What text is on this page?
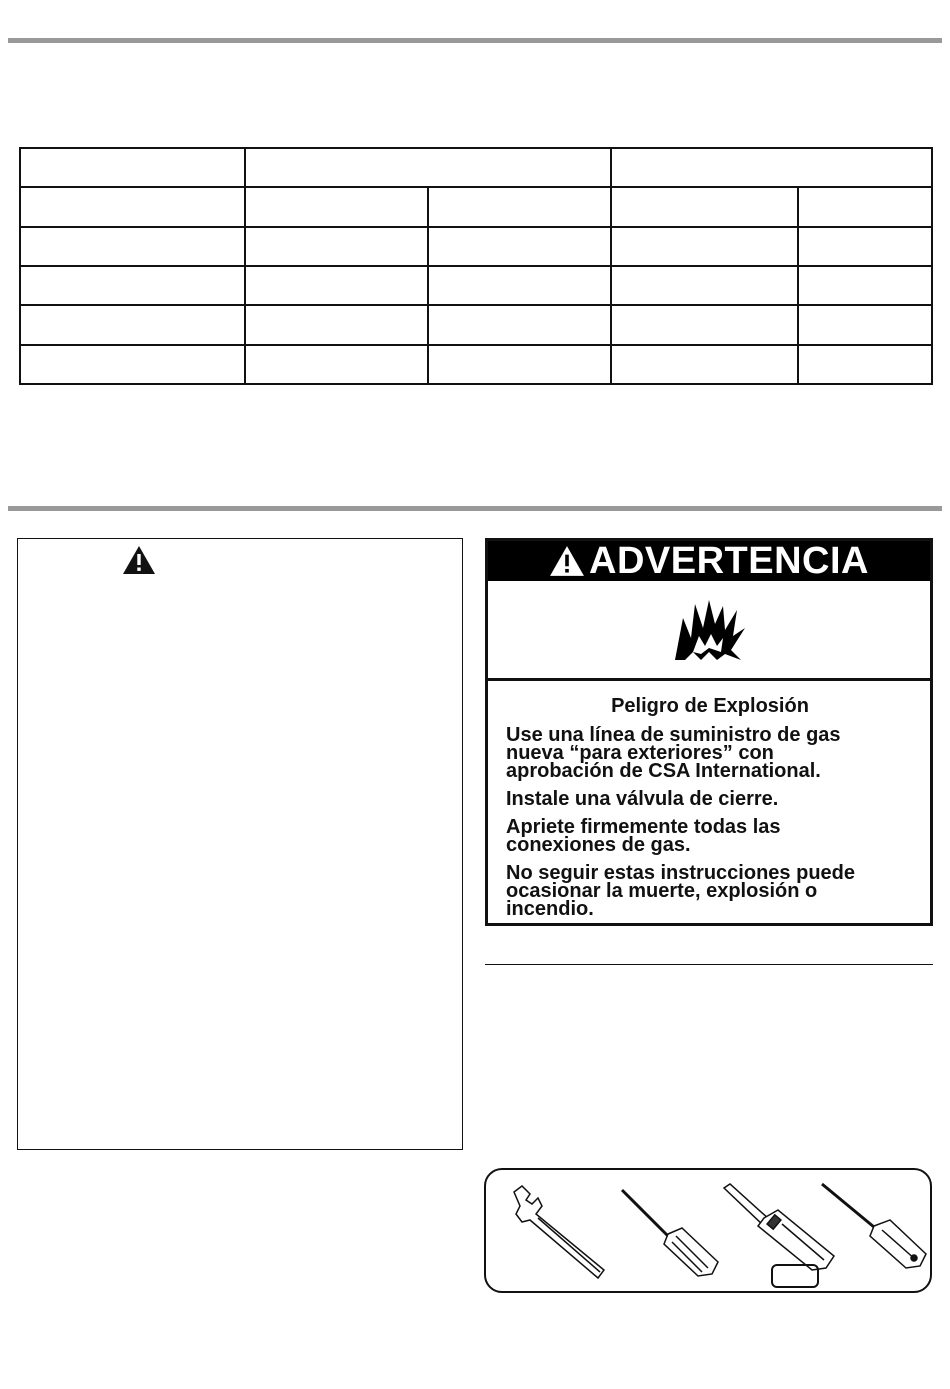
ADVERTENCIA

Peligro de Explosión

Use una línea de suministro de gas
nueva “para exteriores” con
aprobación de CSA International.

Instale una válvula de cierre.

Apriete firmemente todas las
conexiones de gas.

No seguir estas instrucciones puede
ocasionar la muerte, explosión o
incendio.
